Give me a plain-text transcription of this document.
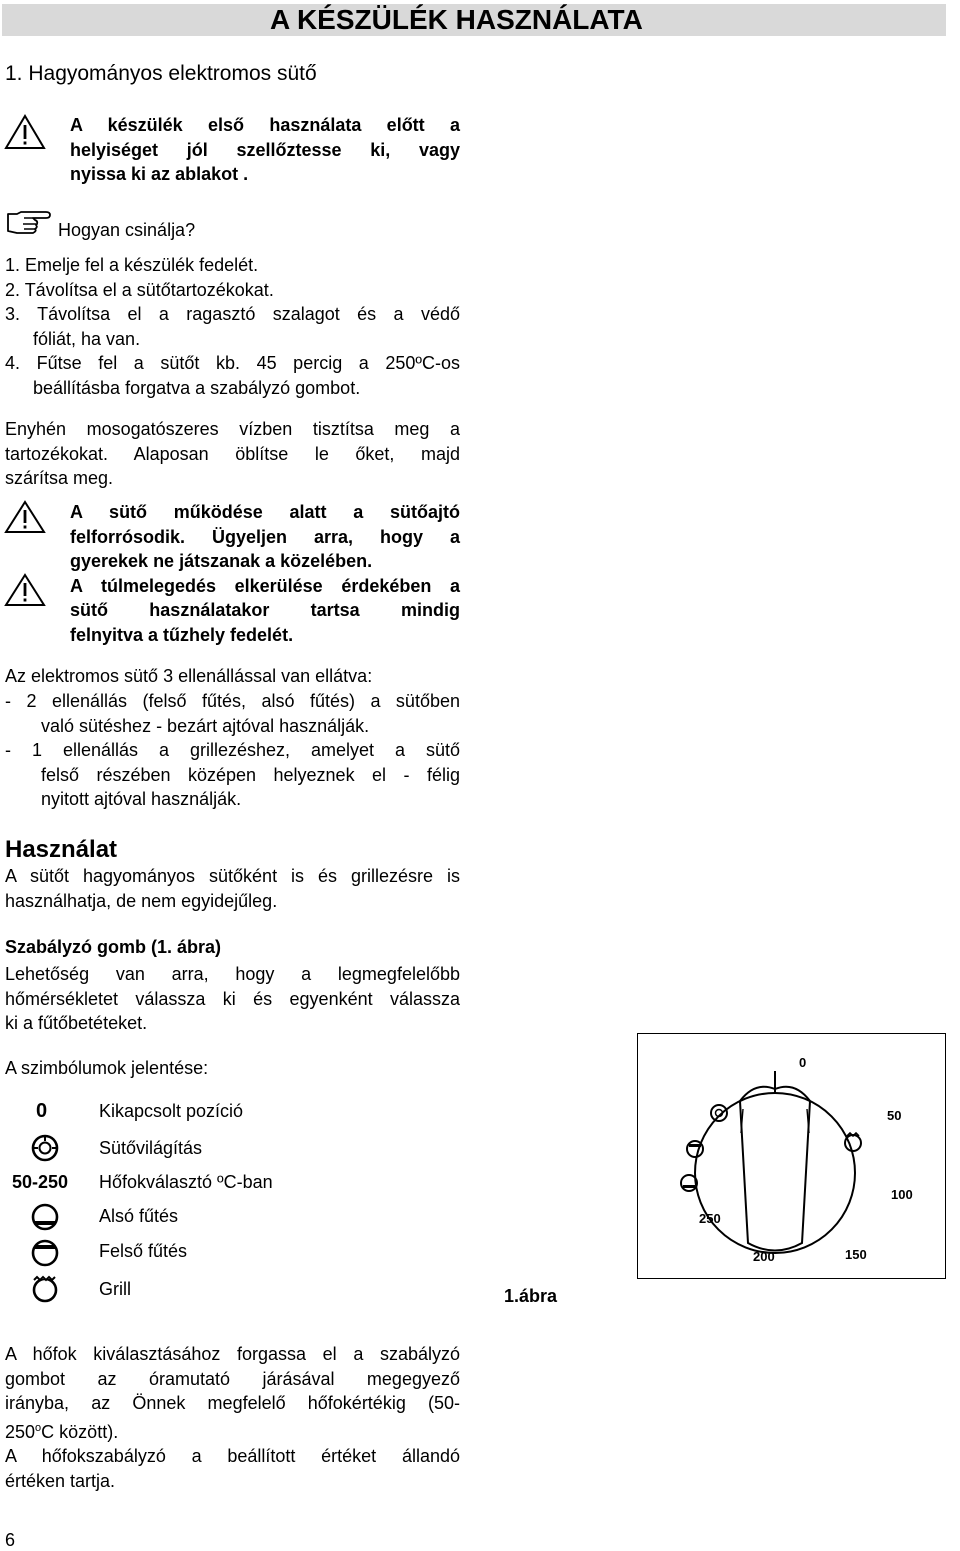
A KÉSZÜLÉK HASZNÁLATA
1. Hagyományos elektromos sütő
A készülék első használata előtt a
helyiséget jól szellőztesse ki, vagy
nyissa ki az ablakot .
Hogyan csinálja?
1. Emelje fel a készülék fedelét.
2. Távolítsa el a sütőtartozékokat.
3. Távolítsa el a ragasztó szalagot és a védő
fóliát, ha van.
4. Fűtse fel a sütőt kb. 45 percig a 250ºC-os
beállításba forgatva a szabályzó gombot.
Enyhén mosogatószeres vízben tisztítsa meg a
tartozékokat. Alaposan öblítse le őket, majd
szárítsa meg.
A sütő működése alatt a sütőajtó
felforrósodik. Ügyeljen arra, hogy a
gyerekek ne játszanak a közelében.
A túlmelegedés elkerülése érdekében a
sütő használatakor tartsa mindig
felnyitva a tűzhely fedelét.
Az elektromos sütő 3 ellenállással van ellátva:
- 2 ellenállás (felső fűtés, alsó fűtés) a sütőben
való sütéshez - bezárt ajtóval használják.
- 1 ellenállás a grillezéshez, amelyet a sütő
felső részében középen helyeznek el - félig
nyitott ajtóval használják.
Használat
A sütőt hagyományos sütőként is és grillezésre is
használhatja, de nem egyidejűleg.
Szabályzó gomb (1. ábra)
Lehetőség van arra, hogy a legmegfelelőbb
hőmérsékletet válassza ki és egyenként válassza
ki a fűtőbetéteket.
A szimbólumok jelentése:
0	Kikapcsolt pozíció
Sütővilágítás
50-250 Hőfokválasztó ºC-ban
Alsó fűtés
Felső fűtés
Grill
0
50
100
150
200
250
1.ábra
A hőfok kiválasztásához forgassa el a szabályzó
gombot az óramutató járásával megegyező
irányba, az Önnek megfelelő hőfokértékig (50-
250$^o$C között).
A hőfokszabályzó a beállított értéket állandó
értéken tartja.
6
